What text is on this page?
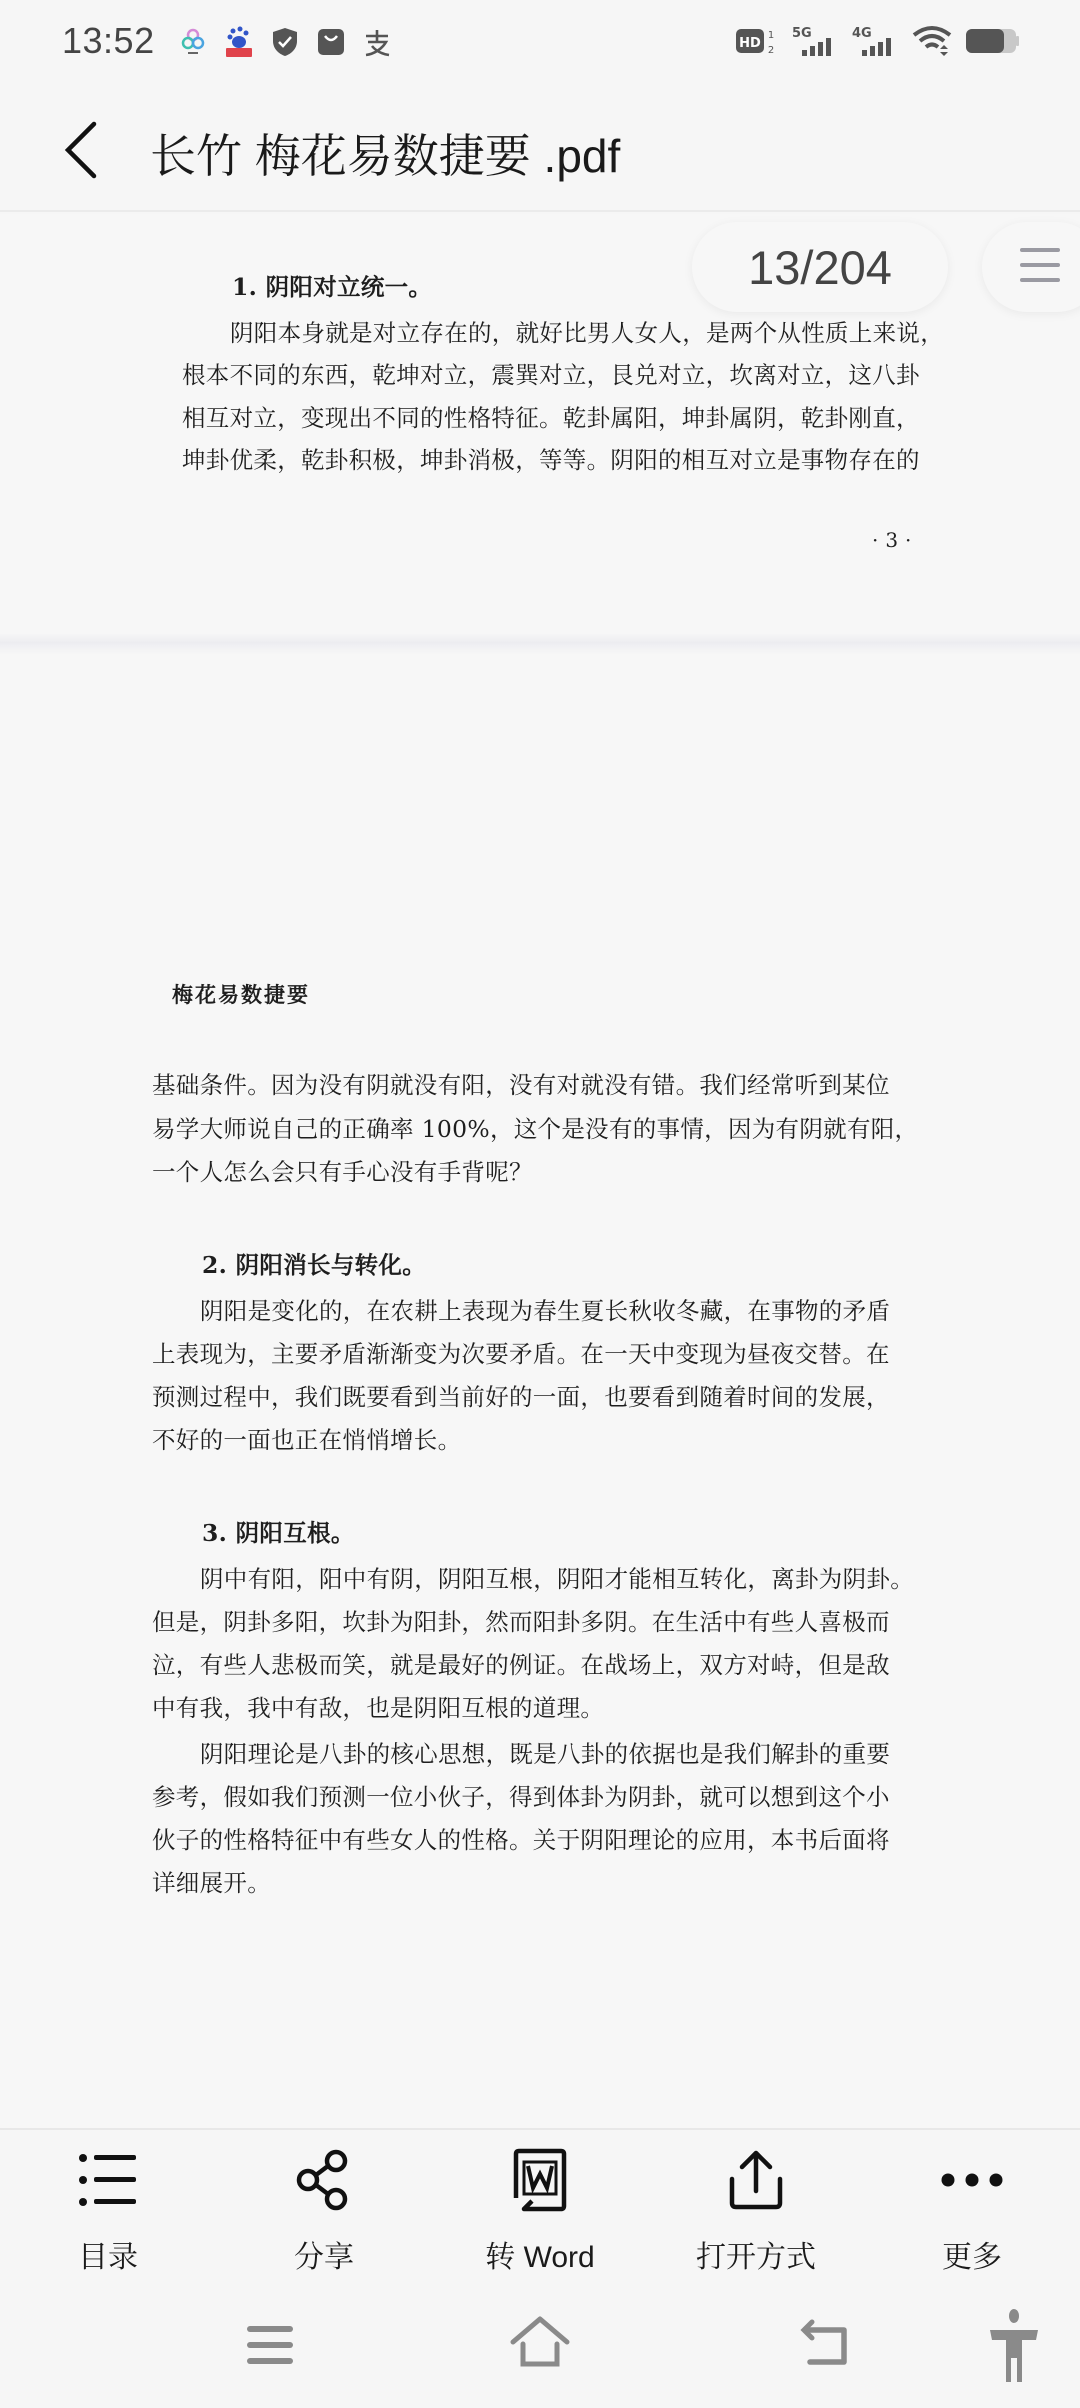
13:52	HD
1
2
5G	4G
长竹 梅花易数捷要 .pdf
1. 阴阳对立统一。
阴阳本身就是对立存在的，就好比男人女人，是两个从性质上来说，
根本不同的东西，乾坤对立，震巽对立，艮兑对立，坎离对立，这八卦
相互对立，变现出不同的性格特征。乾卦属阳，坤卦属阴，乾卦刚直，
坤卦优柔，乾卦积极，坤卦消极，等等。阴阳的相互对立是事物存在的
· 3 ·
梅花易数捷要
基础条件。因为没有阴就没有阳，没有对就没有错。我们经常听到某位
易学大师说自己的正确率 100%，这个是没有的事情，因为有阴就有阳，
一个人怎么会只有手心没有手背呢？
2. 阴阳消长与转化。
阴阳是变化的，在农耕上表现为春生夏长秋收冬藏，在事物的矛盾
上表现为，主要矛盾渐渐变为次要矛盾。在一天中变现为昼夜交替。在
预测过程中，我们既要看到当前好的一面，也要看到随着时间的发展，
不好的一面也正在悄悄增长。
3. 阴阳互根。
阴中有阳，阳中有阴，阴阳互根，阴阳才能相互转化，离卦为阴卦。
但是，阴卦多阳，坎卦为阳卦，然而阳卦多阴。在生活中有些人喜极而
泣，有些人悲极而笑，就是最好的例证。在战场上，双方对峙，但是敌
中有我，我中有敌，也是阴阳互根的道理。
阴阳理论是八卦的核心思想，既是八卦的依据也是我们解卦的重要
参考，假如我们预测一位小伙子，得到体卦为阴卦，就可以想到这个小
伙子的性格特征中有些女人的性格。关于阴阳理论的应用，本书后面将
详细展开。
13/204
目录	分享	转 Word	打开方式	更多
